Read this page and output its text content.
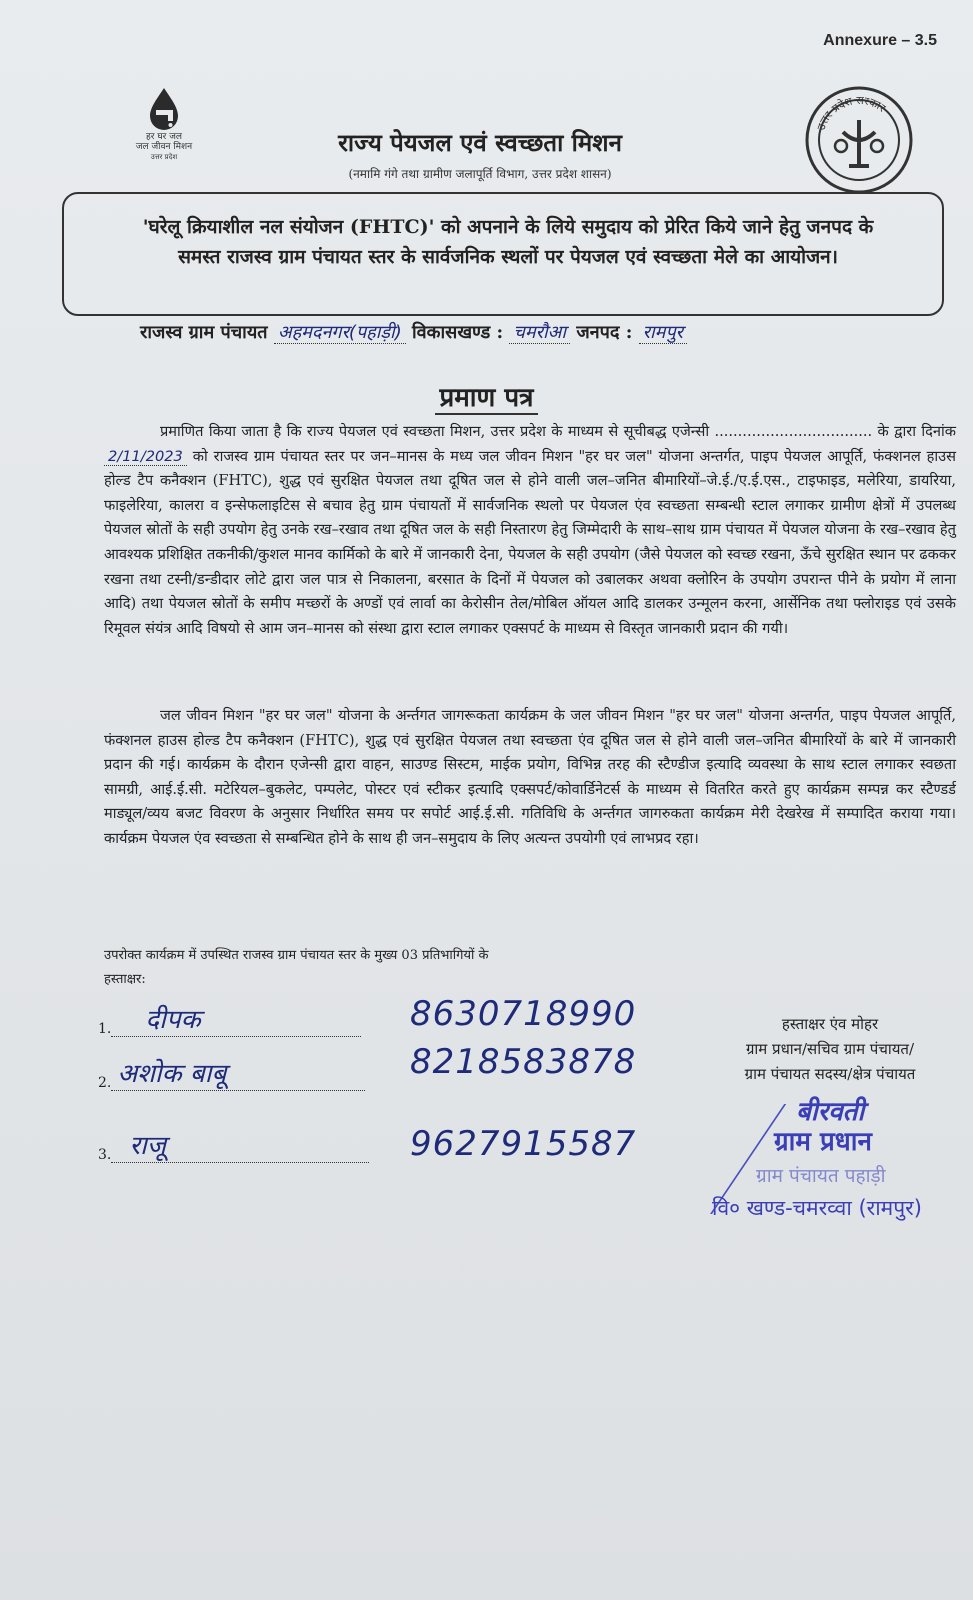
Annexure – 3.5
हर घर जल
जल जीवन मिशन
उत्तर प्रदेश
उत्तर प्रदेश सरकार
राज्य पेयजल एवं स्वच्छता मिशन
(नमामि गंगे तथा ग्रामीण जलापूर्ति विभाग, उत्तर प्रदेश शासन)
'घरेलू क्रियाशील नल संयोजन (FHTC)' को अपनाने के लिये समुदाय को प्रेरित किये जाने हेतु जनपद के
समस्त राजस्व ग्राम पंचायत स्तर के सार्वजनिक स्थलों पर पेयजल एवं स्वच्छता मेले का आयोजन।
राजस्व ग्राम पंचायत अहमदनगर(पहाड़ी) विकासखण्ड : चमरौआ जनपद : रामपुर
प्रमाण पत्र
प्रमाणित किया जाता है कि राज्य पेयजल एवं स्वच्छता मिशन, उत्तर प्रदेश के माध्यम से सूचीबद्ध एजेन्सी .................................. के द्वारा दिनांक 2/11/2023 को राजस्व ग्राम पंचायत स्तर पर जन–मानस के मध्य जल जीवन मिशन "हर घर जल" योजना अन्तर्गत, पाइप पेयजल आपूर्ति, फंक्शनल हाउस होल्ड टैप कनैक्शन (FHTC), शुद्ध एवं सुरक्षित पेयजल तथा दूषित जल से होने वाली जल–जनित बीमारियों–जे.ई./ए.ई.एस., टाइफाइड, मलेरिया, डायरिया, फाइलेरिया, कालरा व इन्सेफलाइटिस से बचाव हेतु ग्राम पंचायतों में सार्वजनिक स्थलो पर पेयजल एंव स्वच्छता सम्बन्धी स्टाल लगाकर ग्रामीण क्षेत्रों में उपलब्ध पेयजल स्रोतों के सही उपयोग हेतु उनके रख–रखाव तथा दूषित जल के सही निस्तारण हेतु जिम्मेदारी के साथ–साथ ग्राम पंचायत में पेयजल योजना के रख–रखाव हेतु आवश्यक प्रशिक्षित तकनीकी/कुशल मानव कार्मिको के बारे में जानकारी देना, पेयजल के सही उपयोग (जैसे पेयजल को स्वच्छ रखना, ऊँचे सुरक्षित स्थान पर ढककर रखना तथा टस्नी/डन्डीदार लोटे द्वारा जल पात्र से निकालना, बरसात के दिनों में पेयजल को उबालकर अथवा क्लोरिन के उपयोग उपरान्त पीने के प्रयोग में लाना आदि) तथा पेयजल स्रोतों के समीप मच्छरों के अण्डों एवं लार्वा का केरोसीन तेल/मोबिल ऑयल आदि डालकर उन्मूलन करना, आर्सेनिक तथा फ्लोराइड एवं उसके रिमूवल संयंत्र आदि विषयो से आम जन–मानस को संस्था द्वारा स्टाल लगाकर एक्सपर्ट के माध्यम से विस्तृत जानकारी प्रदान की गयी।
जल जीवन मिशन "हर घर जल" योजना के अर्न्तगत जागरूकता कार्यक्रम के जल जीवन मिशन "हर घर जल" योजना अन्तर्गत, पाइप पेयजल आपूर्ति, फंक्शनल हाउस होल्ड टैप कनैक्शन (FHTC), शुद्ध एवं सुरक्षित पेयजल तथा स्वच्छता एंव दूषित जल से होने वाली जल–जनित बीमारियों के बारे में जानकारी प्रदान की गई। कार्यक्रम के दौरान एजेन्सी द्वारा वाहन, साउण्ड सिस्टम, माईक प्रयोग, विभिन्न तरह की स्टैण्डीज इत्यादि व्यवस्था के साथ स्टाल लगाकर स्वछता सामग्री, आई.ई.सी. मटेरियल–बुकलेट, पम्पलेट, पोस्टर एवं स्टीकर इत्यादि एक्सपर्ट/कोवार्डिनेटर्स के माध्यम से वितरित करते हुए कार्यक्रम सम्पन्न कर स्टैण्डर्ड माड्यूल/व्यय बजट विवरण के अनुसार निर्धारित समय पर सपोर्ट आई.ई.सी. गतिविधि के अर्न्तगत जागरुकता कार्यक्रम मेरी देखरेख में सम्पादित कराया गया। कार्यक्रम पेयजल एंव स्वच्छता से सम्बन्धित होने के साथ ही जन–समुदाय के लिए अत्यन्त उपयोगी एवं लाभप्रद रहा।
उपरोक्त कार्यक्रम में उपस्थित राजस्व ग्राम पंचायत स्तर के मुख्य 03 प्रतिभागियों के
हस्ताक्षर:
1. दीपक	8630718990
2. अशोक बाबू	8218583878
3. राजू	9627915587
हस्ताक्षर एंव मोहर
ग्राम प्रधान/सचिव ग्राम पंचायत/
ग्राम पंचायत सदस्य/क्षेत्र पंचायत
बीरवती
ग्राम प्रधान
ग्राम पंचायत पहाड़ी
वि० खण्ड-चमरव्वा (रामपुर)
